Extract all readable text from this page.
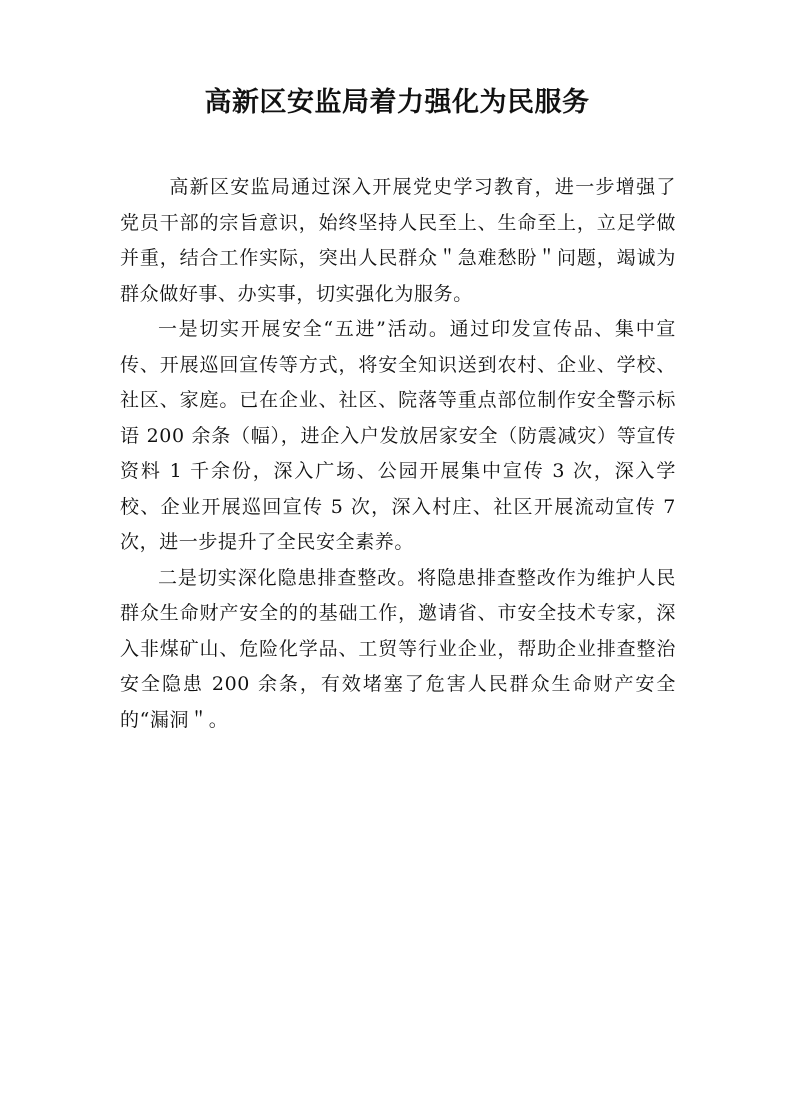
高新区安监局着力强化为民服务

高新区安监局通过深入开展党史学习教育，进一步增强了党员干部的宗旨意识，始终坚持人民至上、生命至上，立足学做并重，结合工作实际，突出人民群众＂急难愁盼＂问题，竭诚为群众做好事、办实事，切实强化为服务。

一是切实开展安全“五进”活动。通过印发宣传品、集中宣传、开展巡回宣传等方式，将安全知识送到农村、企业、学校、社区、家庭。已在企业、社区、院落等重点部位制作安全警示标语 200 余条（幅），进企入户发放居家安全（防震减灾）等宣传资料 1 千余份，深入广场、公园开展集中宣传 3 次，深入学校、企业开展巡回宣传 5 次，深入村庄、社区开展流动宣传 7 次，进一步提升了全民安全素养。

二是切实深化隐患排查整改。将隐患排查整改作为维护人民群众生命财产安全的的基础工作，邀请省、市安全技术专家，深入非煤矿山、危险化学品、工贸等行业企业，帮助企业排查整治安全隐患 200 余条，有效堵塞了危害人民群众生命财产安全的“漏洞＂。
